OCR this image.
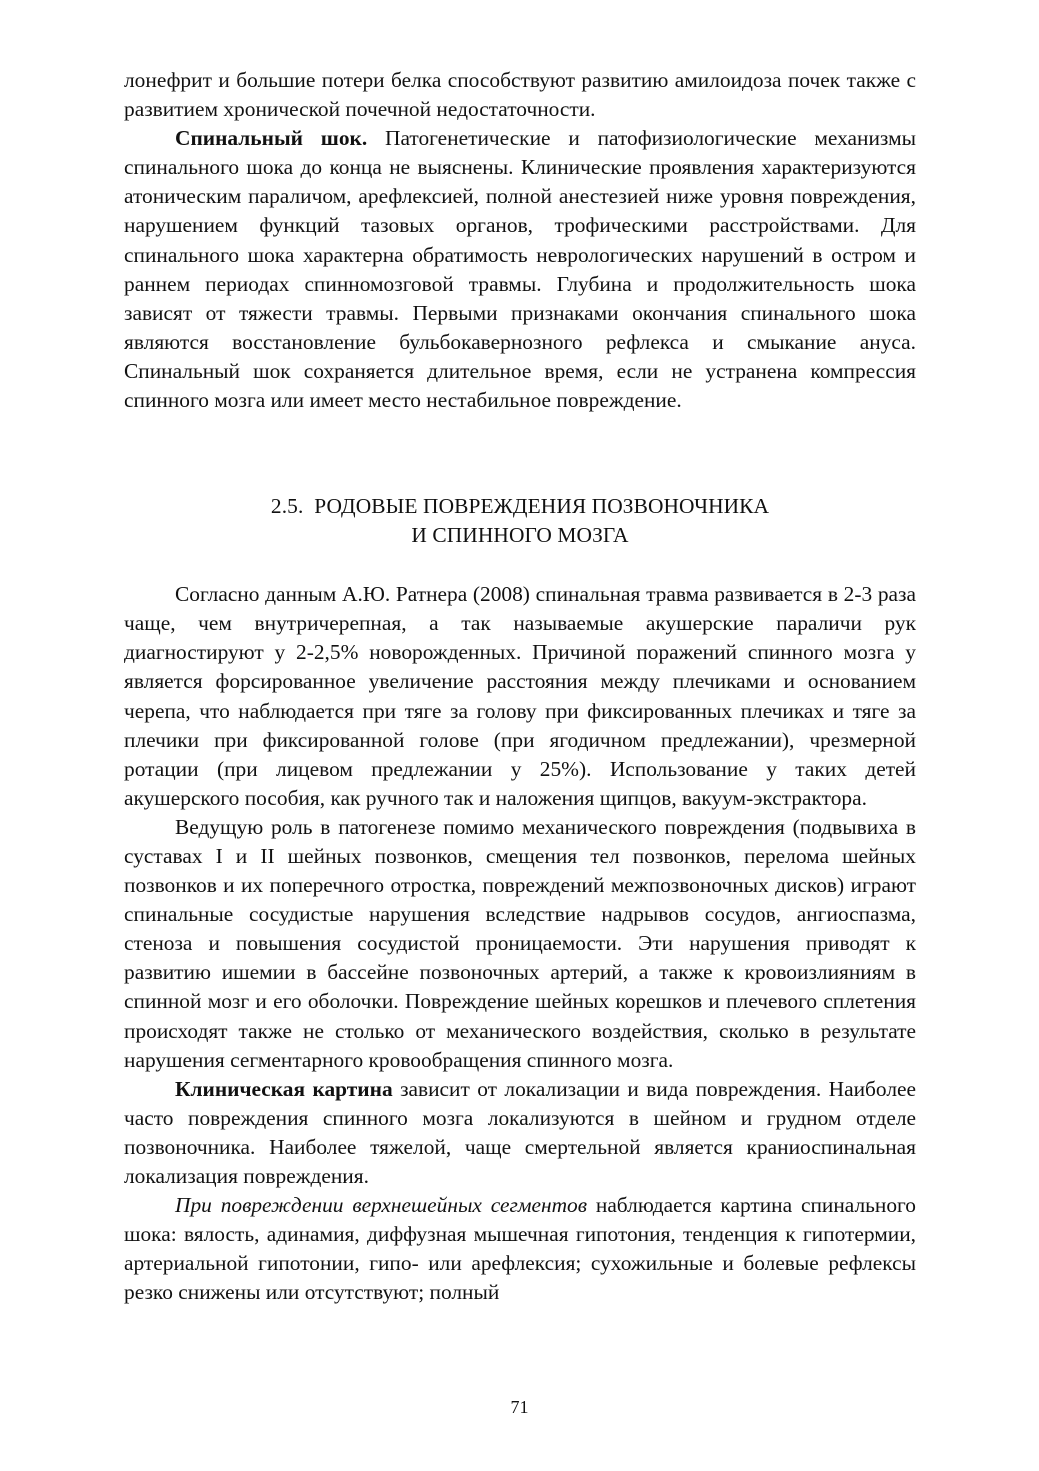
лонефрит и большие потери белка способствуют развитию амилоидоза почек также с развитием хронической почечной недостаточности.

Спинальный шок. Патогенетические и патофизиологические механизмы спинального шока до конца не выяснены. Клинические проявления характеризуются атоническим параличом, арефлексией, полной анестезией ниже уровня повреждения, нарушением функций тазовых органов, трофическими расстройствами. Для спинального шока характерна обратимость неврологических нарушений в остром и раннем периодах спинномозговой травмы. Глубина и продолжительность шока зависят от тяжести травмы. Первыми признаками окончания спинального шока являются восстановление бульбокавернозного рефлекса и смыкание ануса. Спинальный шок сохраняется длительное время, если не устранена компрессия спинного мозга или имеет место нестабильное повреждение.

2.5.  РОДОВЫЕ ПОВРЕЖДЕНИЯ ПОЗВОНОЧНИКА
И СПИННОГО МОЗГА

Согласно данным А.Ю. Ратнера (2008) спинальная травма развивается в 2-3 раза чаще, чем внутричерепная, а так называемые акушерские параличи рук диагностируют у 2-2,5% новорожденных. Причиной поражений спинного мозга у является форсированное увеличение расстояния между плечиками и основанием черепа, что наблюдается при тяге за голову при фиксированных плечиках и тяге за плечики при фиксированной голове (при ягодичном предлежании), чрезмерной ротации (при лицевом предлежании у 25%). Использование у таких детей акушерского пособия, как ручного так и наложения щипцов, вакуум-экстрактора.

Ведущую роль в патогенезе помимо механического повреждения (подвывиха в суставах I и II шейных позвонков, смещения тел позвонков, перелома шейных позвонков и их поперечного отростка, повреждений межпозвоночных дисков) играют спинальные сосудистые нарушения вследствие надрывов сосудов, ангиоспазма, стеноза и повышения сосудистой проницаемости. Эти нарушения приводят к развитию ишемии в бассейне позвоночных артерий, а также к кровоизлияниям в спинной мозг и его оболочки. Повреждение шейных корешков и плечевого сплетения происходят также не столько от механического воздействия, сколько в результате нарушения сегментарного кровообращения спинного мозга.

Клиническая картина зависит от локализации и вида повреждения. Наиболее часто повреждения спинного мозга локализуются в шейном и грудном отделе позвоночника. Наиболее тяжелой, чаще смертельной является краниоспинальная локализация повреждения.

При повреждении верхнешейных сегментов наблюдается картина спинального шока: вялость, адинамия, диффузная мышечная гипотония, тенденция к гипотермии, артериальной гипотонии, гипо- или арефлексия; сухожильные и болевые рефлексы резко снижены или отсутствуют; полный

71
